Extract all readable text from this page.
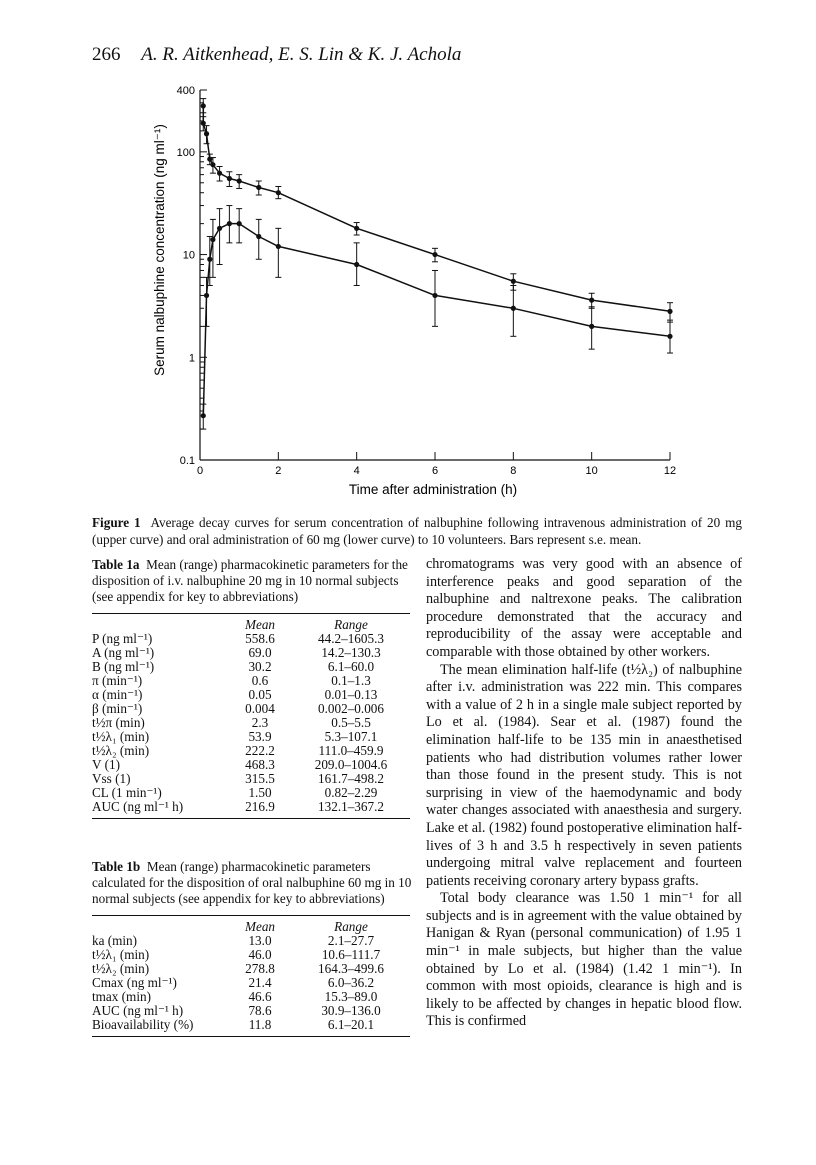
266 A. R. Aitkenhead, E. S. Lin & K. J. Achola
0.1
1
10
100
400
0	2	4	6	8	10	12
Serum nalbuphine concentration (ng ml⁻¹)
Time after administration (h)
Figure 1 Average decay curves for serum concentration of nalbuphine following intravenous administration of 20 mg (upper curve) and oral administration of 60 mg (lower curve) to 10 volunteers. Bars represent s.e. mean.
Table 1a Mean (range) pharmacokinetic parameters for the disposition of i.v. nalbuphine 20 mg in 10 normal subjects (see appendix for key to abbreviations)
	Mean	Range
P (ng ml⁻¹)	558.6	44.2–1605.3
A (ng ml⁻¹)	69.0	14.2–130.3
B (ng ml⁻¹)	30.2	6.1–60.0
π (min⁻¹)	0.6	0.1–1.3
α (min⁻¹)	0.05	0.01–0.13
β (min⁻¹)	0.004	0.002–0.006
t½π (min)	2.3	0.5–5.5
t½λ₁ (min)	53.9	5.3–107.1
t½λ₂ (min)	222.2	111.0–459.9
V (1)	468.3	209.0–1004.6
Vss (1)	315.5	161.7–498.2
CL (1 min⁻¹)	1.50	0.82–2.29
AUC (ng ml⁻¹ h)	216.9	132.1–367.2
Table 1b Mean (range) pharmacokinetic parameters calculated for the disposition of oral nalbuphine 60 mg in 10 normal subjects (see appendix for key to abbreviations)
	Mean	Range
ka (min)	13.0	2.1–27.7
t½λ₁ (min)	46.0	10.6–111.7
t½λ₂ (min)	278.8	164.3–499.6
Cmax (ng ml⁻¹)	21.4	6.0–36.2
tmax (min)	46.6	15.3–89.0
AUC (ng ml⁻¹ h)	78.6	30.9–136.0
Bioavailability (%)	11.8	6.1–20.1

chromatograms was very good with an absence of interference peaks and good separation of the nalbuphine and naltrexone peaks. The calibration procedure demonstrated that the accuracy and reproducibility of the assay were acceptable and comparable with those obtained by other workers.

The mean elimination half-life (t½λ₂) of nalbuphine after i.v. administration was 222 min. This compares with a value of 2 h in a single male subject reported by Lo et al. (1984). Sear et al. (1987) found the elimination half-life to be 135 min in anaesthetised patients who had distribution volumes rather lower than those found in the present study. This is not surprising in view of the haemodynamic and body water changes associated with anaesthesia and surgery. Lake et al. (1982) found postoperative elimination half-lives of 3 h and 3.5 h respectively in seven patients undergoing mitral valve replacement and fourteen patients receiving coronary artery bypass grafts.

Total body clearance was 1.50 1 min⁻¹ for all subjects and is in agreement with the value obtained by Hanigan & Ryan (personal communication) of 1.95 1 min⁻¹ in male subjects, but higher than the value obtained by Lo et al. (1984) (1.42 1 min⁻¹). In common with most opioids, clearance is high and is likely to be affected by changes in hepatic blood flow. This is confirmed
